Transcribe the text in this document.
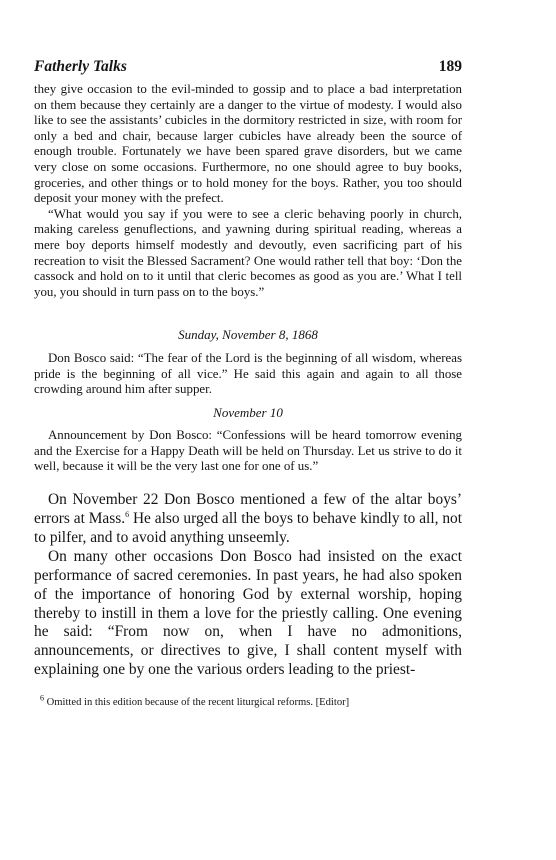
Fatherly Talks	189

they give occasion to the evil-minded to gossip and to place a bad interpretation on them because they certainly are a danger to the virtue of modesty. I would also like to see the assistants’ cubicles in the dormitory restricted in size, with room for only a bed and chair, because larger cubicles have already been the source of enough trouble. Fortunately we have been spared grave disorders, but we came very close on some occasions. Furthermore, no one should agree to buy books, groceries, and other things or to hold money for the boys. Rather, you too should deposit your money with the prefect.

“What would you say if you were to see a cleric behaving poorly in church, making careless genuflections, and yawning during spiritual reading, whereas a mere boy deports himself modestly and devoutly, even sacrificing part of his recreation to visit the Blessed Sacrament? One would rather tell that boy: ‘Don the cassock and hold on to it until that cleric becomes as good as you are.’ What I tell you, you should in turn pass on to the boys.”

Sunday, November 8, 1868

Don Bosco said: “The fear of the Lord is the beginning of all wisdom, whereas pride is the beginning of all vice.” He said this again and again to all those crowding around him after supper.

November 10

Announcement by Don Bosco: “Confessions will be heard tomorrow evening and the Exercise for a Happy Death will be held on Thursday. Let us strive to do it well, because it will be the very last one for one of us.”

On November 22 Don Bosco mentioned a few of the altar boys’ errors at Mass.$^6$ He also urged all the boys to behave kindly to all, not to pilfer, and to avoid anything unseemly.

On many other occasions Don Bosco had insisted on the exact performance of sacred ceremonies. In past years, he had also spoken of the importance of honoring God by external worship, hoping thereby to instill in them a love for the priestly calling. One evening he said: “From now on, when I have no admonitions, announcements, or directives to give, I shall content myself with explaining one by one the various orders leading to the priest-

$^6$ Omitted in this edition because of the recent liturgical reforms. [Editor]
